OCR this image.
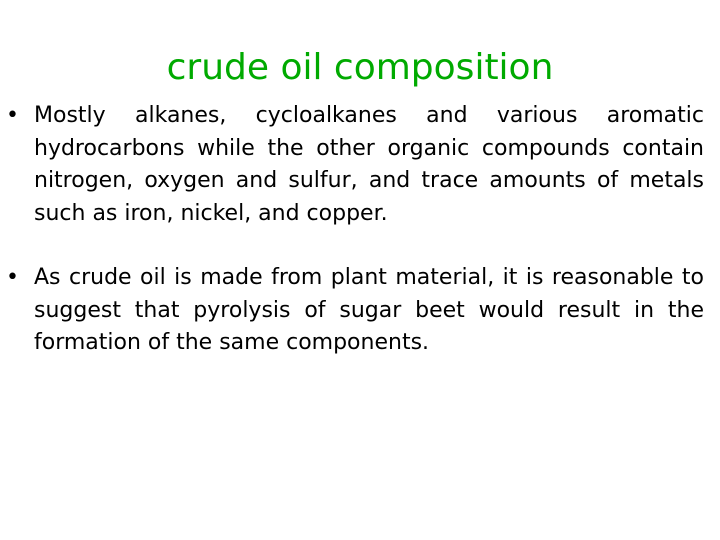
crude oil composition
• Mostly alkanes, cycloalkanes and various aromatic hydrocarbons while the other organic compounds contain nitrogen, oxygen and sulfur, and trace amounts of metals such as iron, nickel, and copper.
• As crude oil is made from plant material, it is reasonable to suggest that pyrolysis of sugar beet would result in the formation of the same components.
